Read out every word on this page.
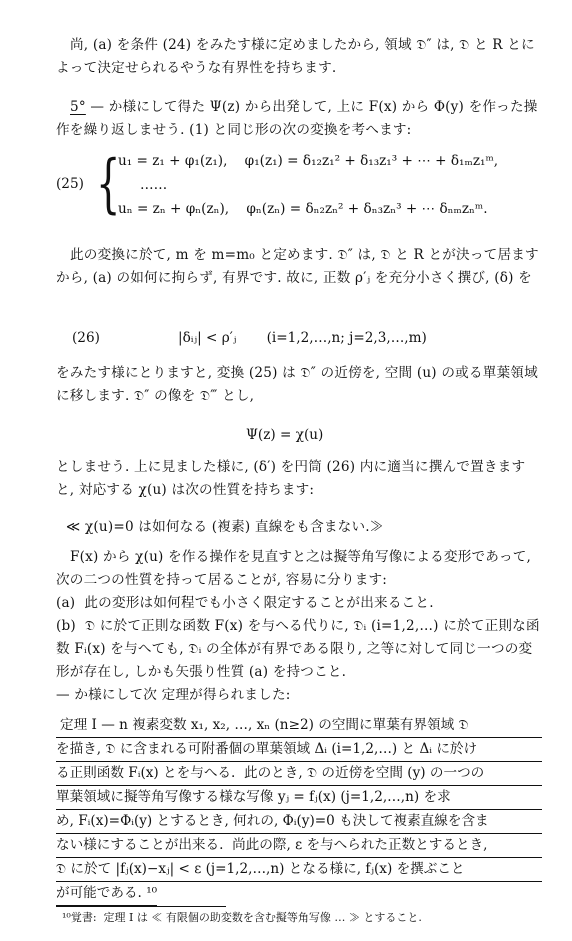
尚, (a) を条件 (24) をみたす様に定めましたから, 領域 𝔇″ は, 𝔇 と R とによって決定せられるやうな有界性を持ちます.
5° — か様にして得た Ψ(z) から出発して, 上に F(x) から Φ(y) を作った操作を繰り返しませう. (1) と同じ形の次の変換を考へます:
(25) {
u₁ = z₁ + φ₁(z₁),    φ₁(z₁) = δ₁₂z₁² + δ₁₃z₁³ + ⋯ + δ₁ₘz₁ᵐ,
……
uₙ = zₙ + φₙ(zₙ),    φₙ(zₙ) = δₙ₂zₙ² + δₙ₃zₙ³ + ⋯ δₙₘzₙᵐ.
此の変換に於て, m を m=m₀ と定めます. 𝔇″ は, 𝔇 と R とが決って居ますから, (a) の如何に拘らず, 有界です. 故に, 正数 ρ′ⱼ を充分小さく撰び, (δ) を
(26)	|δᵢⱼ| < ρ′ⱼ       (i=1,2,…,n; j=2,3,…,m)
をみたす様にとりますと, 変換 (25) は 𝔇″ の近傍を, 空間 (u) の或る單葉領域に移します. 𝔇″ の像を 𝔇‴ とし,
Ψ(z) = χ(u)
としませう. 上に見ました様に, (δ′) を円筒 (26) 内に適当に撰んで置きますと, 対応する χ(u) は次の性質を持ちます:
≪ χ(u)=0 は如何なる (複素) 直線をも含まない.≫
F(x) から χ(u) を作る操作を見直すと之は擬等角写像による変形であって, 次の二つの性質を持って居ることが, 容易に分ります:
(a)  此の変形は如何程でも小さく限定することが出来ること.
(b)  𝔇 に於て正則な函数 F(x) を与へる代りに, 𝔇ᵢ (i=1,2,…) に於て正則な函数 Fᵢ(x) を与へても, 𝔇ᵢ の全体が有界である限り, 之等に対して同じ一つの変形が存在し, しかも矢張り性質 (a) を持つこと.
— か様にして次 定理が得られました:
定理 I — n 複素変数 x₁, x₂, …, xₙ (n≥2) の空間に單葉有界領域 𝔇
を描き, 𝔇 に含まれる可附番個の單葉領域 Δᵢ (i=1,2,…) と Δᵢ に於け
る正則函数 Fᵢ(x) とを与へる.  此のとき, 𝔇 の近傍を空間 (y) の一つの
單葉領域に擬等角写像する様な写像 yⱼ = fⱼ(x) (j=1,2,…,n) を求
め, Fᵢ(x)=Φᵢ(y) とするとき, 何れの, Φᵢ(y)=0 も決して複素直線を含ま
ない様にすることが出来る.  尚此の際, ε を与へられた正数とするとき,
𝔇 に於て |fⱼ(x)−xⱼ| < ε (j=1,2,…,n) となる様に, fⱼ(x) を撰ぶこと
が可能である. ¹⁰
¹⁰覚書:  定理 I は ≪ 有限個の助変数を含む擬等角写像 … ≫ とすること.
